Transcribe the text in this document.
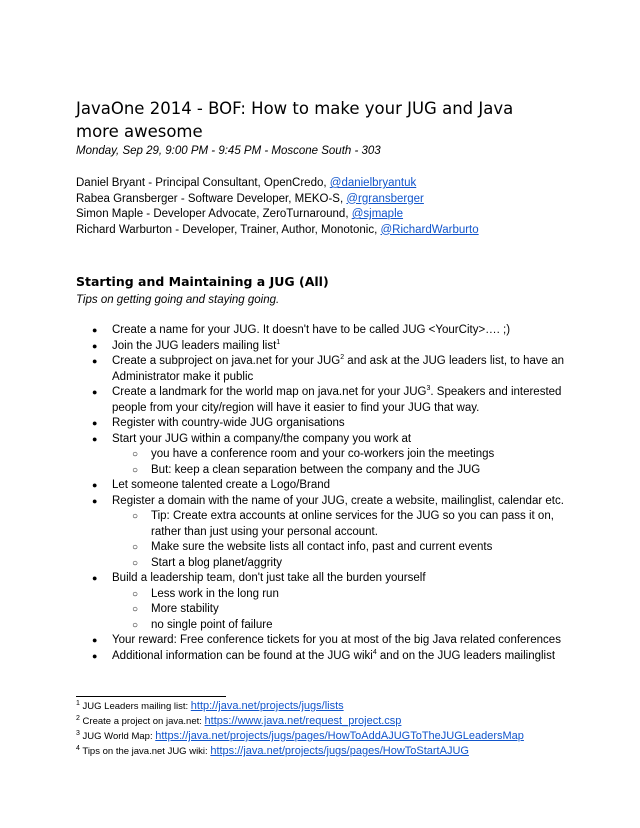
JavaOne 2014 - BOF: How to make your JUG and Java more awesome

Monday, Sep 29, 9:00 PM - 9:45 PM - Moscone South - 303

Daniel Bryant - Principal Consultant, OpenCredo, @danielbryantuk
Rabea Gransberger - Software Developer, MEKO-S, @rgransberger
Simon Maple - Developer Advocate, ZeroTurnaround, @sjmaple
Richard Warburton - Developer, Trainer, Author, Monotonic, @RichardWarburto
Starting and Maintaining a JUG (All)

Tips on getting going and staying going.

● Create a name for your JUG. It doesn't have to be called JUG <YourCity>…. ;)
● Join the JUG leaders mailing list$^1$
● Create a subproject on java.net for your JUG$^2$ and ask at the JUG leaders list, to have an Administrator make it public
● Create a landmark for the world map on java.net for your JUG$^3$. Speakers and interested people from your city/region will have it easier to find your JUG that way.
● Register with country-wide JUG organisations
● Start your JUG within a company/the company you work at
○ you have a conference room and your co-workers join the meetings
○ But: keep a clean separation between the company and the JUG
● Let someone talented create a Logo/Brand
● Register a domain with the name of your JUG, create a website, mailinglist, calendar etc.
○ Tip: Create extra accounts at online services for the JUG so you can pass it on, rather than just using your personal account.
○ Make sure the website lists all contact info, past and current events
○ Start a blog planet/aggrity
● Build a leadership team, don't just take all the burden yourself
○ Less work in the long run
○ More stability
○ no single point of failure
● Your reward: Free conference tickets for you at most of the big Java related conferences
● Additional information can be found at the JUG wiki$^4$ and on the JUG leaders mailinglist
$^1$ JUG Leaders mailing list: http://java.net/projects/jugs/lists
$^2$ Create a project on java.net: https://www.java.net/request_project.csp
$^3$ JUG World Map: https://java.net/projects/jugs/pages/HowToAddAJUGToTheJUGLeadersMap
$^4$ Tips on the java.net JUG wiki: https://java.net/projects/jugs/pages/HowToStartAJUG
